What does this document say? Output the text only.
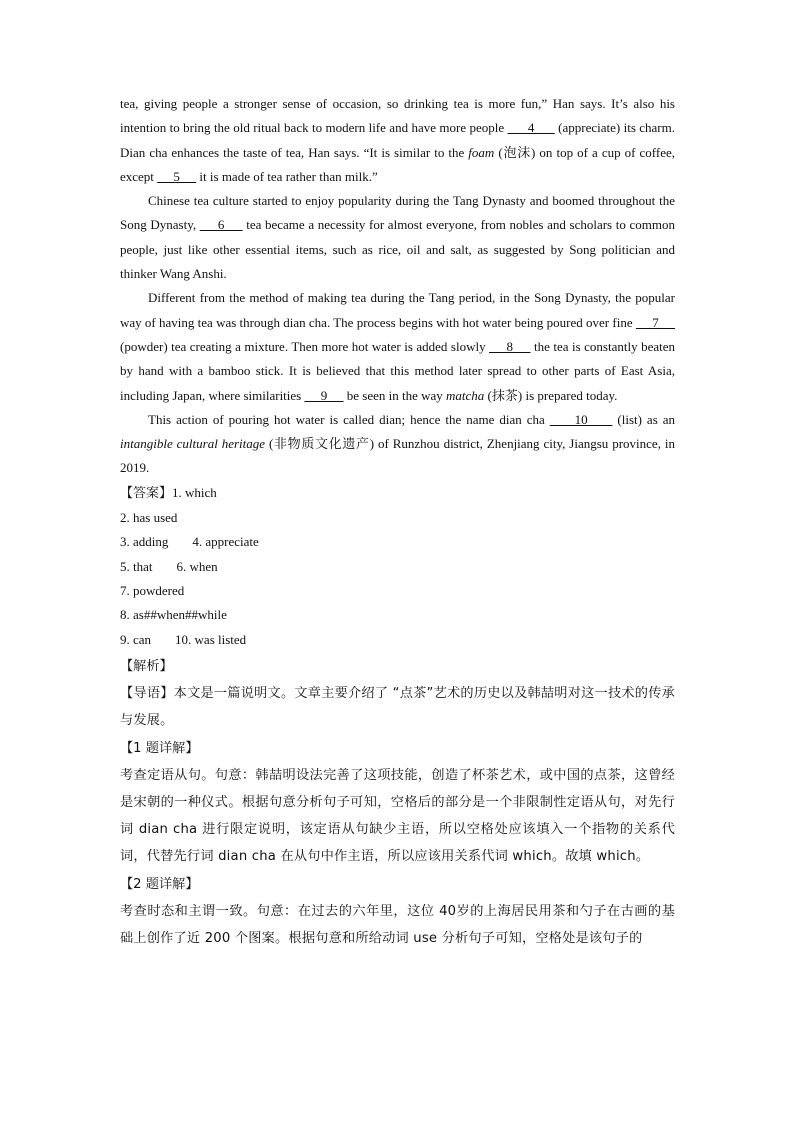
tea, giving people a stronger sense of occasion, so drinking tea is more fun,” Han says. It’s also his intention to bring the old ritual back to modern life and have more people       4       (appreciate) its charm. Dian cha enhances the taste of tea, Han says. “It is similar to the foam (泡沫) on top of a cup of coffee, except      5      it is made of tea rather than milk.”

Chinese tea culture started to enjoy popularity during the Tang Dynasty and boomed throughout the Song Dynasty,      6      tea became a necessity for almost everyone, from nobles and scholars to common people, just like other essential items, such as rice, oil and salt, as suggested by Song politician and thinker Wang Anshi.

Different from the method of making tea during the Tang period, in the Song Dynasty, the popular way of having tea was through dian cha. The process begins with hot water being poured over fine      7      (powder) tea creating a mixture. Then more hot water is added slowly      8      the tea is constantly beaten by hand with a bamboo stick. It is believed that this method later spread to other parts of East Asia, including Japan, where similarities      9      be seen in the way matcha (抹茶) is prepared today.

This action of pouring hot water is called dian; hence the name dian cha      10      (list) as an intangible cultural heritage (非物质文化遗产) of Runzhou district, Zhenjiang city, Jiangsu province, in 2019.

【答案】1. which

2. has used

3. adding 4. appreciate

5. that 6. when

7. powdered

8. as##when##while

9. can 10. was listed

【解析】

【导语】本文是一篇说明文。文章主要介绍了 “点茶”艺术的历史以及韩喆明对这一技术的传承与发展。

【1 题详解】

考查定语从句。句意：韩喆明设法完善了这项技能，创造了杯茶艺术，或中国的点茶，这曾经是宋朝的一种仪式。根据句意分析句子可知，空格后的部分是一个非限制性定语从句，对先行词 dian cha 进行限定说明，该定语从句缺少主语，所以空格处应该填入一个指物的关系代词，代替先行词 dian cha 在从句中作主语，所以应该用关系代词 which。故填 which。

【2 题详解】

考查时态和主谓一致。句意：在过去的六年里，这位 40岁的上海居民用茶和勺子在古画的基础上创作了近 200 个图案。根据句意和所给动词 use 分析句子可知，空格处是该句子的
